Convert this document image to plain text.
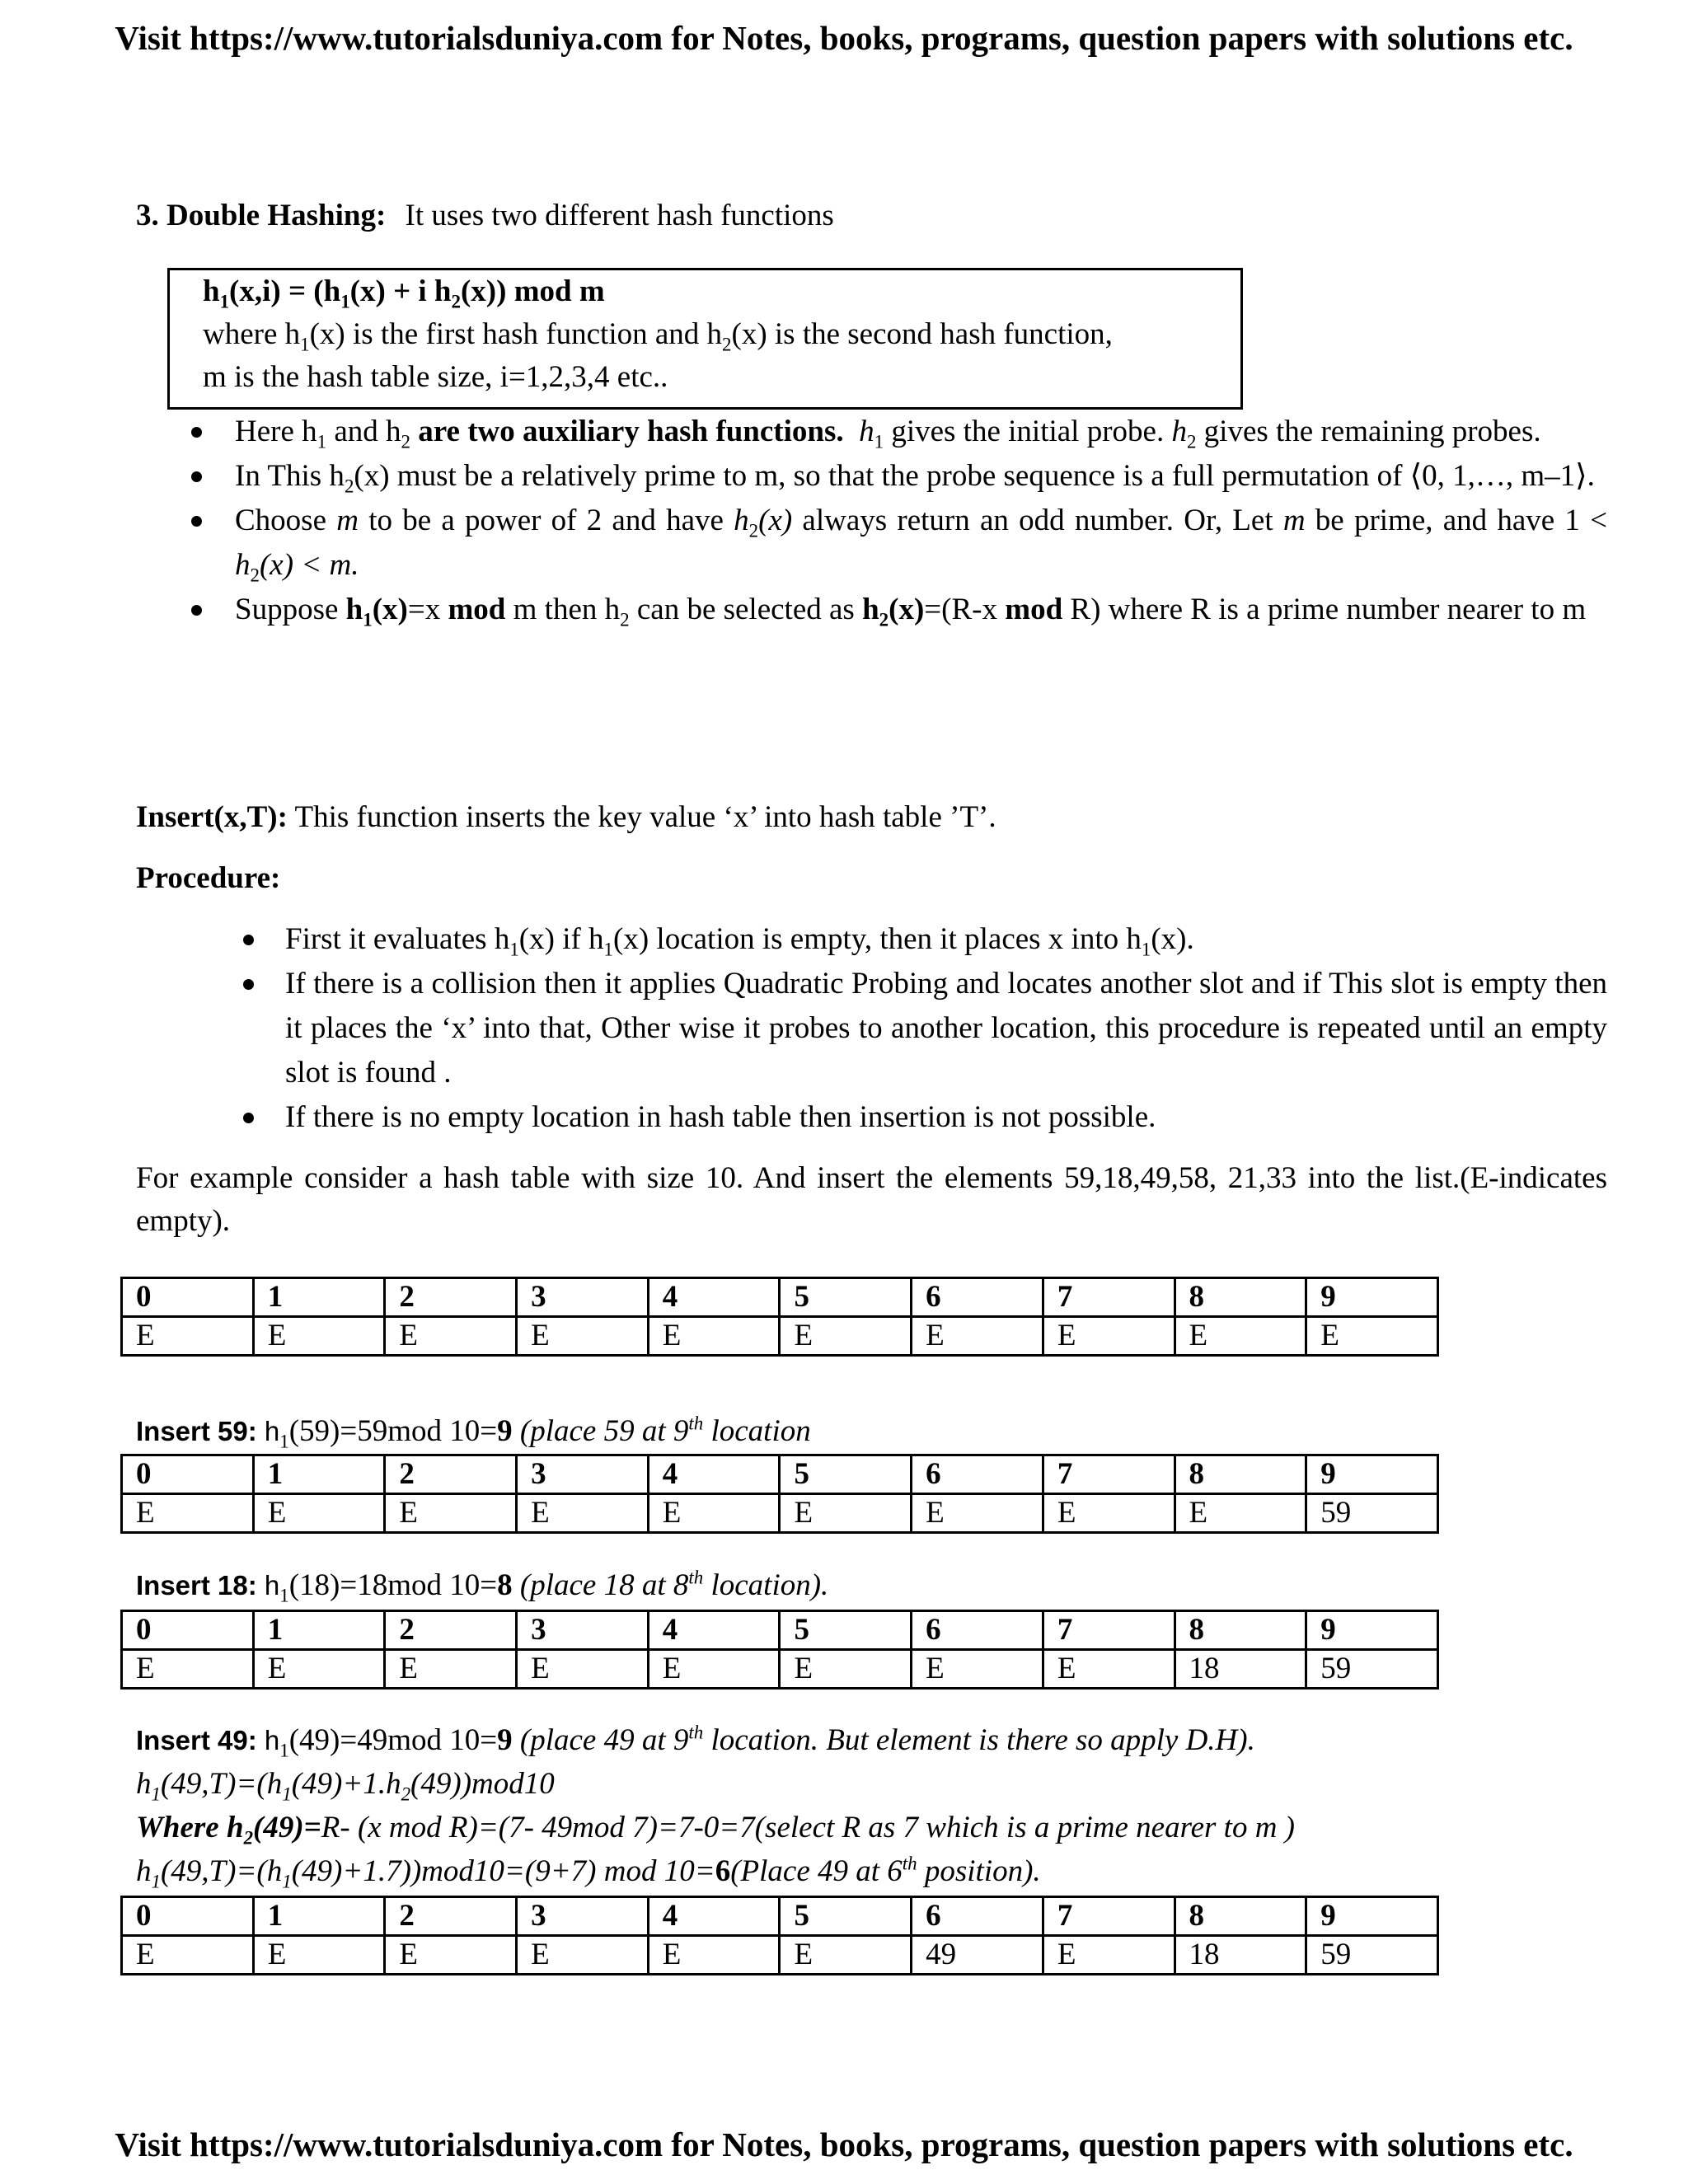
Visit https://www.tutorialsduniya.com for Notes, books, programs, question papers with solutions etc.
3. Double Hashing: It uses two different hash functions
$h_1(x,i) = (h_1(x) + i$ $h_2(x)$) mod m
where $h_1(x)$ is the first hash function and $h_2(x)$ is the second hash function,
m is the hash table size, i=1,2,3,4 etc..
Here $h_1$ and $h_2$ are two auxiliary hash functions. $h_1$ gives the initial probe. $h_2$ gives the remaining probes.
In This $h_2(x)$ must be a relatively prime to m, so that the probe sequence is a full permutation of ⟨0, 1,…, m–1⟩.
Choose m to be a power of 2 and have $h_2(x)$ always return an odd number. Or, Let m be prime, and have $1 < h_2(x) < m$.
Suppose $h_1(x)=x$ mod m then $h_2$ can be selected as $h_2(x)=(R-x$ mod R) where R is a prime number nearer to m
Insert(x,T): This function inserts the key value ‘x’ into hash table ’T’.
Procedure:
First it evaluates $h_1(x)$ if $h_1(x)$ location is empty, then it places x into $h_1(x)$.
If there is a collision then it applies Quadratic Probing and locates another slot and if This slot is empty then it places the ‘x’ into that, Other wise it probes to another location, this procedure is repeated until an empty slot is found .
If there is no empty location in hash table then insertion is not possible.
For example consider a hash table with size 10. And insert the elements 59,18,49,58, 21,33 into the list.(E-indicates empty).
0	1	2	3	4	5	6	7	8	9
E	E	E	E	E	E	E	E	E	E
Insert 59: $h_1(59)=59mod$ 10=9 (place 59 at 9th location
0	1	2	3	4	5	6	7	8	9
E	E	E	E	E	E	E	E	E	59
Insert 18: $h_1(18)=18mod$ 10=8 (place 18 at 8th location).
0	1	2	3	4	5	6	7	8	9
E	E	E	E	E	E	E	E	18	59
Insert 49: $h_1(49)=49mod$ 10=9 (place 49 at 9th location. But element is there so apply D.H).
$h_1(49,T)=(h_1(49)+1.h_2(49))mod10$
Where $h_2(49)=R-$ (x mod R)=(7- 49mod 7)=7-0=7(select R as 7 which is a prime nearer to m )
$h_1(49,T)=(h_1(49)+1.7))mod10=(9+7)$ mod 10=6(Place 49 at 6th position).
0	1	2	3	4	5	6	7	8	9
E	E	E	E	E	E	49	E	18	59
Visit https://www.tutorialsduniya.com for Notes, books, programs, question papers with solutions etc.
